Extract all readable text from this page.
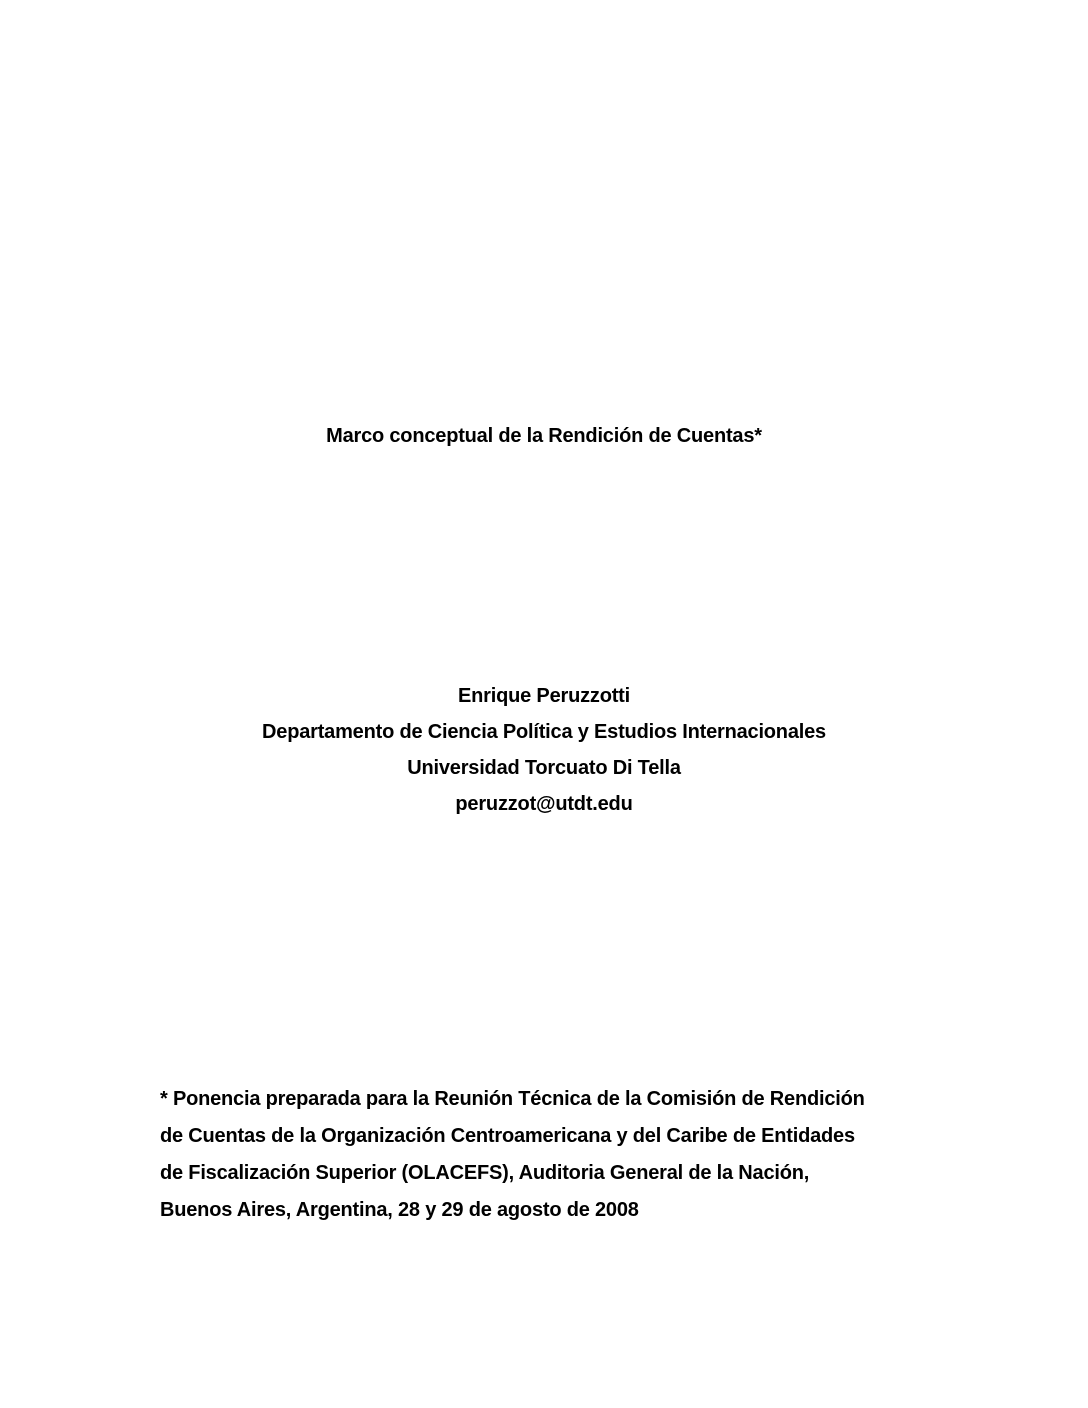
Marco conceptual de la Rendición de Cuentas*
Enrique Peruzzotti
Departamento de Ciencia Política y Estudios Internacionales
Universidad Torcuato Di Tella
peruzzot@utdt.edu
* Ponencia preparada para la Reunión Técnica de la Comisión de Rendición
de Cuentas de la Organización Centroamericana y del Caribe de Entidades
de Fiscalización Superior (OLACEFS), Auditoria General de la Nación,
Buenos Aires, Argentina, 28 y 29 de agosto de 2008
